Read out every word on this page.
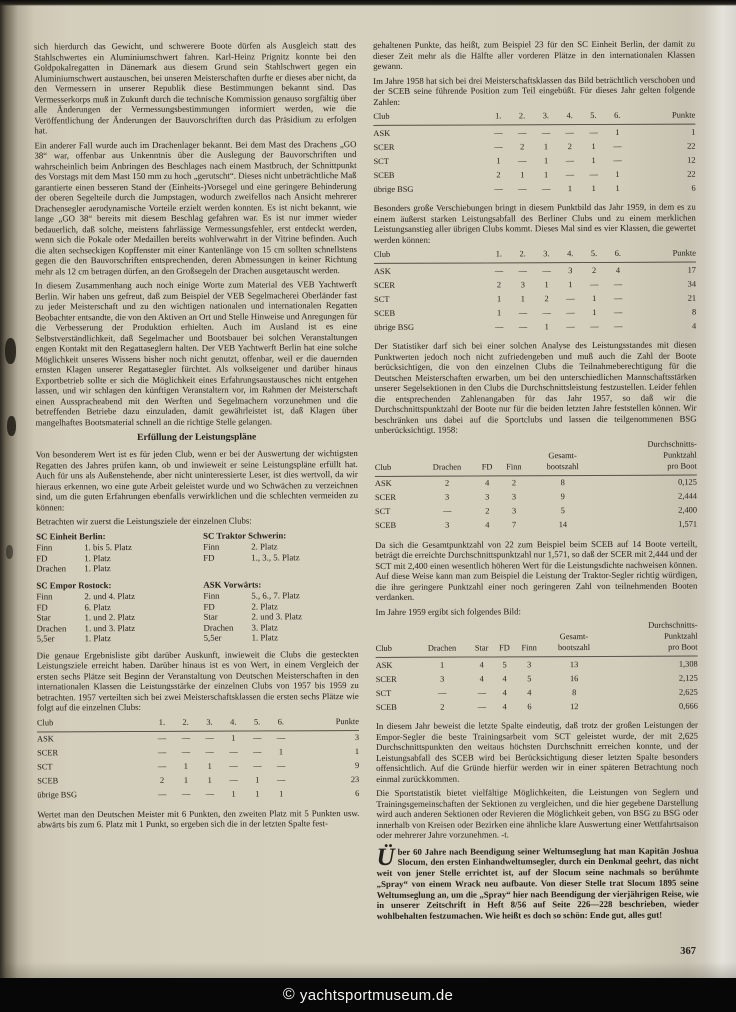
sich hierdurch das Gewicht, und schwerere Boote dürfen als Ausgleich statt des Stahlschwertes ein Aluminiumschwert fahren. Karl-Heinz Prignitz konnte bei den Goldpokalregatten in Dänemark aus diesem Grund sein Stahlschwert gegen ein Aluminiumschwert austauschen, bei unseren Meisterschaften durfte er dieses aber nicht, da den Vermessern in unserer Republik diese Bestimmungen bekannt sind. Das Vermesserkorps muß in Zukunft durch die technische Kommission genauso sorgfältig über alle Änderungen der Vermessungsbestimmungen informiert werden, wie die Veröffentlichung der Änderungen der Bauvorschriften durch das Präsidium zu erfolgen hat.

Ein anderer Fall wurde auch im Drachenlager bekannt. Bei dem Mast des Drachens „GO 38“ war, offenbar aus Unkenntnis über die Auslegung der Bauvorschriften und wahrscheinlich beim Anbringen des Beschlages nach einem Mastbruch, der Schnittpunkt des Vorstags mit dem Mast 150 mm zu hoch „gerutscht“. Dieses nicht unbeträchtliche Maß garantierte einen besseren Stand der (Einheits-)Vorsegel und eine geringere Behinderung der oberen Segelteile durch die Jumpstagen, wodurch zweifellos nach Ansicht mehrerer Drachensegler aerodynamische Vorteile erzielt werden konnten. Es ist nicht bekannt, wie lange „GO 38“ bereits mit diesem Beschlag gefahren war. Es ist nur immer wieder bedauerlich, daß solche, meistens fahrlässige Vermessungsfehler, erst entdeckt werden, wenn sich die Pokale oder Medaillen bereits wohlverwahrt in der Vitrine befinden. Auch die alten sechseckigen Kopffenster mit einer Kantenlänge von 15 cm sollten schnellstens gegen die den Bauvorschriften entsprechenden, deren Abmessungen in keiner Richtung mehr als 12 cm betragen dürfen, an den Großsegeln der Drachen ausgetauscht werden.

In diesem Zusammenhang auch noch einige Worte zum Material des VEB Yachtwerft Berlin. Wir haben uns gefreut, daß zum Beispiel der VEB Segelmacherei Oberländer fast zu jeder Meisterschaft und zu den wichtigen nationalen und internationalen Regatten Beobachter entsandte, die von den Aktiven an Ort und Stelle Hinweise und Anregungen für die Verbesserung der Produktion erhielten. Auch im Ausland ist es eine Selbstverständlichkeit, daß Segelmacher und Bootsbauer bei solchen Veranstaltungen engen Kontakt mit den Regattaseglern halten. Der VEB Yachtwerft Berlin hat eine solche Möglichkeit unseres Wissens bisher noch nicht genutzt, offenbar, weil er die dauernden ernsten Klagen unserer Regattasegler fürchtet. Als volkseigener und darüber hinaus Exportbetrieb sollte er sich die Möglichkeit eines Erfahrungsaustausches nicht entgehen lassen, und wir schlagen den künftigen Veranstaltern vor, im Rahmen der Meisterschaft einen Ausspracheabend mit den Werften und Segelmachern vorzunehmen und die betreffenden Betriebe dazu einzuladen, damit gewährleistet ist, daß Klagen über mangelhaftes Bootsmaterial schnell an die richtige Stelle gelangen.

Erfüllung der Leistungspläne

Von besonderem Wert ist es für jeden Club, wenn er bei der Auswertung der wichtigsten Regatten des Jahres prüfen kann, ob und inwieweit er seine Leistungspläne erfüllt hat. Auch für uns als Außenstehende, aber nicht uninteressierte Leser, ist dies wertvoll, da wir hieraus erkennen, wo eine gute Arbeit geleistet wurde und wo Schwächen zu verzeichnen sind, um die guten Erfahrungen ebenfalls verwirklichen und die schlechten vermeiden zu können:

Betrachten wir zuerst die Leistungsziele der einzelnen Clubs:

SC Einheit Berlin:
Finn	1. bis 5. Platz
FD	1. Platz
Drachen	1. Platz
SC Traktor Schwerin:
Finn	2. Platz
FD	1., 3., 5. Platz
SC Empor Rostock:
Finn	2. und 4. Platz
FD	6. Platz
Star	1. und 2. Platz
Drachen	1. und 3. Platz
5,5er	1. Platz
ASK Vorwärts:
Finn	5., 6., 7. Platz
FD	2. Platz
Star	2. und 3. Platz
Drachen	3. Platz
5,5er	1. Platz

Die genaue Ergebnisliste gibt darüber Auskunft, inwieweit die Clubs die gesteckten Leistungsziele erreicht haben. Darüber hinaus ist es von Wert, in einem Vergleich der ersten sechs Plätze seit Beginn der Veranstaltung von Deutschen Meisterschaften in den internationalen Klassen die Leistungsstärke der einzelnen Clubs von 1957 bis 1959 zu betrachten. 1957 verteilten sich bei zwei Meisterschaftsklassen die ersten sechs Plätze wie folgt auf die einzelnen Clubs:

Club	1.	2.	3.	4.	5.	6.	Punkte
ASK	—	—	—	1	—	—	3
SCER	—	—	—	—	—	1	1
SCT	—	1	1	—	—	—	9
SCEB	2	1	1	—	1	—	23
übrige BSG	—	—	—	1	1	1	6

Wertet man den Deutschen Meister mit 6 Punkten, den zweiten Platz mit 5 Punkten usw. abwärts bis zum 6. Platz mit 1 Punkt, so ergeben sich die in der letzten Spalte fest-

gehaltenen Punkte, das heißt, zum Beispiel 23 für den SC Einheit Berlin, der damit zu dieser Zeit mehr als die Hälfte aller vorderen Plätze in den internationalen Klassen gewann.

Im Jahre 1958 hat sich bei drei Meisterschaftsklassen das Bild beträchtlich verschoben und der SCEB seine führende Position zum Teil eingebüßt. Für dieses Jahr gelten folgende Zahlen:

Club	1.	2.	3.	4.	5.	6.	Punkte
ASK	—	—	—	—	—	1	1
SCER	—	2	1	2	1	—	22
SCT	1	—	1	—	1	—	12
SCEB	2	1	1	—	—	1	22
übrige BSG	—	—	—	1	1	1	6

Besonders große Verschiebungen bringt in diesem Punktbild das Jahr 1959, in dem es zu einem äußerst starken Leistungsabfall des Berliner Clubs und zu einem merklichen Leistungsanstieg aller übrigen Clubs kommt. Dieses Mal sind es vier Klassen, die gewertet werden können:

Club	1.	2.	3.	4.	5.	6.	Punkte
ASK	—	—	—	3	2	4	17
SCER	2	3	1	1	—	—	34
SCT	1	1	2	—	1	—	21
SCEB	1	—	—	—	1	—	8
übrige BSG	—	—	1	—	—	—	4

Der Statistiker darf sich bei einer solchen Analyse des Leistungsstandes mit diesen Punktwerten jedoch noch nicht zufriedengeben und muß auch die Zahl der Boote berücksichtigen, die von den einzelnen Clubs die Teilnahmeberechtigung für die Deutschen Meisterschaften erwarben, um bei den unterschiedlichen Mannschaftsstärken unserer Segelsektionen in den Clubs die Durchschnittsleistung festzustellen. Leider fehlen die entsprechenden Zahlenangaben für das Jahr 1957, so daß wir die Durchschnittspunktzahl der Boote nur für die beiden letzten Jahre feststellen können. Wir beschränken uns dabei auf die Sportclubs und lassen die teilgenommenen BSG unberücksichtigt. 1958:

Club	Drachen	FD	Finn	Gesamt-
bootszahl	Durchschnitts-
Punktzahl
pro Boot
ASK	2	4	2	8	0,125
SCER	3	3	3	9	2,444
SCT	—	2	3	5	2,400
SCEB	3	4	7	14	1,571

Da sich die Gesamtpunktzahl von 22 zum Beispiel beim SCEB auf 14 Boote verteilt, beträgt die erreichte Durchschnittspunktzahl nur 1,571, so daß der SCER mit 2,444 und der SCT mit 2,400 einen wesentlich höheren Wert für die Leistungsdichte nachweisen können. Auf diese Weise kann man zum Beispiel die Leistung der Traktor-Segler richtig würdigen, die ihre geringere Punktzahl einer noch geringeren Zahl von teilnehmenden Booten verdanken.

Im Jahre 1959 ergibt sich folgendes Bild:

Club	Drachen	Star	FD	Finn	Gesamt-
bootszahl	Durchschnitts-
Punktzahl
pro Boot
ASK	1	4	5	3	13	1,308
SCER	3	4	4	5	16	2,125
SCT	—	—	4	4	8	2,625
SCEB	2	—	4	6	12	0,666

In diesem Jahr beweist die letzte Spalte eindeutig, daß trotz der großen Leistungen der Empor-Segler die beste Trainingsarbeit vom SCT geleistet wurde, der mit 2,625 Durchschnittspunkten den weitaus höchsten Durchschnitt erreichen konnte, und der Leistungsabfall des SCEB wird bei Berücksichtigung dieser letzten Spalte besonders offensichtlich. Auf die Gründe hierfür werden wir in einer späteren Betrachtung noch einmal zurückkommen.

Die Sportstatistik bietet vielfältige Möglichkeiten, die Leistungen von Seglern und Trainingsgemeinschaften der Sektionen zu vergleichen, und die hier gegebene Darstellung wird auch anderen Sektionen oder Revieren die Möglichkeit geben, von BSG zu BSG oder innerhalb von Kreisen oder Bezirken eine ähnliche klare Auswertung einer Wettfahrtsaison oder mehrerer Jahre vorzunehmen. -t.

Über 60 Jahre nach Beendigung seiner Weltumseglung hat man Kapitän Joshua Slocum, den ersten Einhandweltumsegler, durch ein Denkmal geehrt, das nicht weit von jener Stelle errichtet ist, auf der Slocum seine nachmals so berühmte „Spray“ von einem Wrack neu aufbaute. Von dieser Stelle trat Slocum 1895 seine Weltumseglung an, um die „Spray“ hier nach Beendigung der vierjährigen Reise, wie in unserer Zeitschrift in Heft 8/56 auf Seite 226—228 beschrieben, wieder wohlbehalten festzumachen. Wie heißt es doch so schön: Ende gut, alles gut!

367
© yachtsportmuseum.de
